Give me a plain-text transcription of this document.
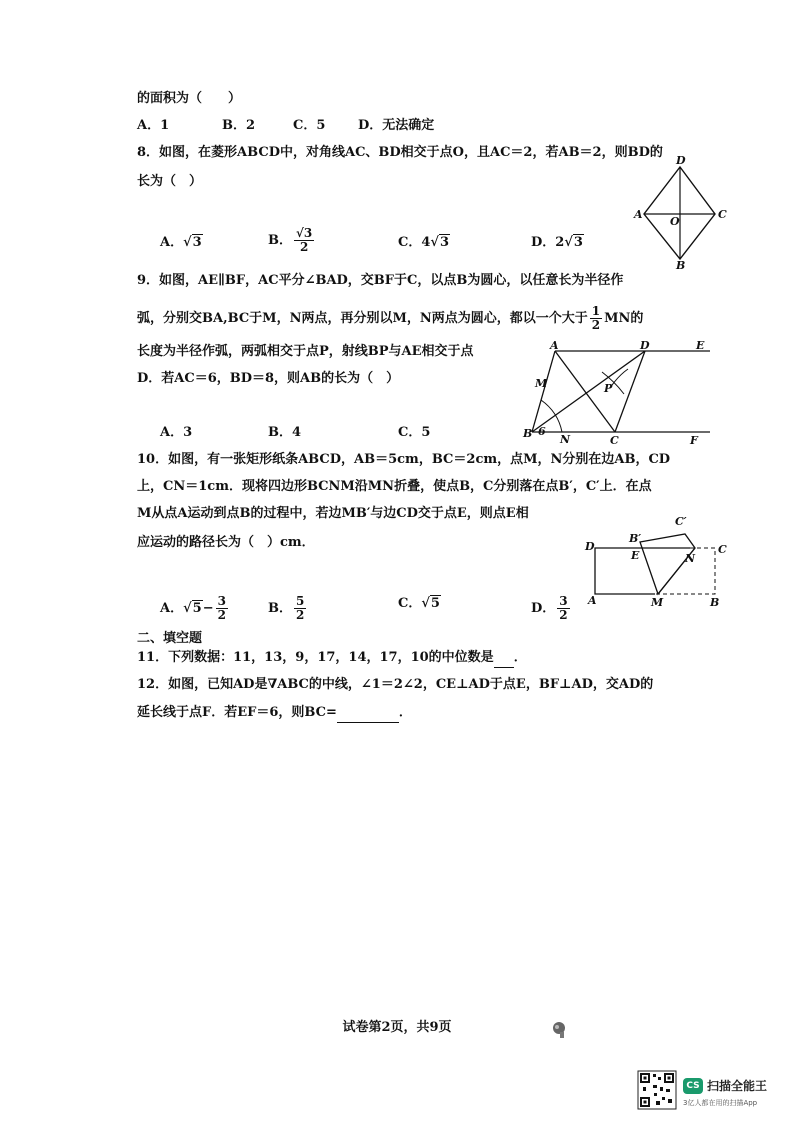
的面积为（　　）
A．1	B．2	C．5	D．无法确定
8．如图，在菱形ABCD中，对角线AC、BD相交于点O，且AC＝2，若AB＝2，则BD的
长为（　）
A．√3	B． $\frac{√3}{2}$	C．4√3	D．2√3
D
A
O
C
B
9．如图，AE∥BF，AC平分∠BAD，交BF于C，以点B为圆心，以任意长为半径作
弧，分别交BA,BC于M，N两点，再分别以M，N两点为圆心，都以一个大于 $\frac{1}{2}$ MN的
长度为半径作弧，两弧相交于点P，射线BP与AE相交于点
D．若AC＝6，BD＝8，则AB的长为（　）
A．3	B．4	C．5
A	D	E
M	P
B 6
N	C	F
10．如图，有一张矩形纸条ABCD，AB＝5cm，BC＝2cm，点M，N分别在边AB，CD
上，CN＝1cm．现将四边形BCNM沿MN折叠，使点B，C分别落在点B′，C′上．在点
M从点A运动到点B的过程中，若边MB′与边CD交于点E，则点E相
应运动的路径长为（　）cm．
A．$√5- \frac{3}{2}$	B． $\frac{5}{2}$	C．√5	D． $\frac{3}{2}$
C′
B′
D
E	N
C
A	M	B
二、填空题
11．下列数据：11，13，9，17，14，17，10的中位数是 ．
12．如图，已知AD是∇ABC的中线，∠1＝2∠2，CE⊥AD于点E，BF⊥AD，交AD的
延长线于点F．若EF＝6，则BC=	．
试卷第2页，共9页
CS 扫描全能王
3亿人都在用的扫描App
